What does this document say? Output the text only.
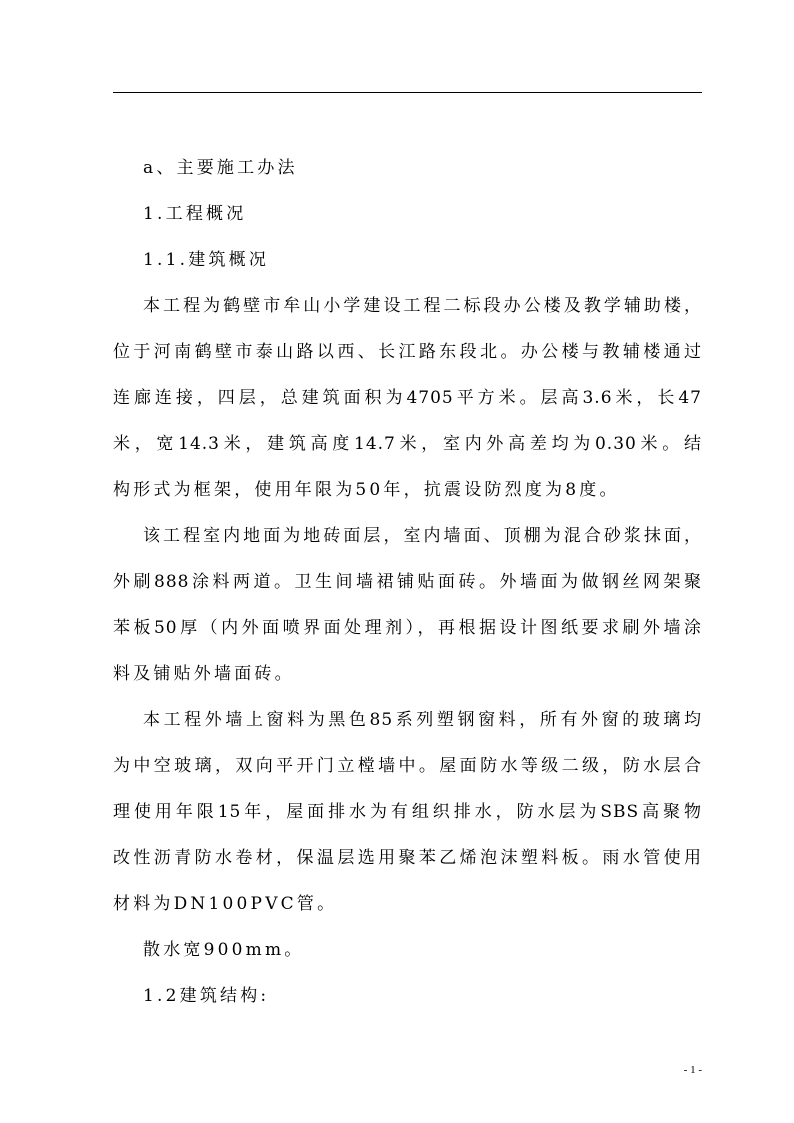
a、主要施工办法
1.工程概况
1.1.建筑概况
本工程为鹤壁市牟山小学建设工程二标段办公楼及教学辅助楼，
位于河南鹤壁市泰山路以西、长江路东段北。办公楼与教辅楼通过
连廊连接，四层，总建筑面积为4705平方米。层高3.6米，长47
米，宽14.3米，建筑高度14.7米，室内外高差均为0.30米。结
构形式为框架，使用年限为50年，抗震设防烈度为8度。
该工程室内地面为地砖面层，室内墙面、顶棚为混合砂浆抹面，
外刷888涂料两道。卫生间墙裙铺贴面砖。外墙面为做钢丝网架聚
苯板50厚（内外面喷界面处理剂），再根据设计图纸要求刷外墙涂
料及铺贴外墙面砖。
本工程外墙上窗料为黑色85系列塑钢窗料，所有外窗的玻璃均
为中空玻璃，双向平开门立樘墙中。屋面防水等级二级，防水层合
理使用年限15年，屋面排水为有组织排水，防水层为SBS高聚物
改性沥青防水卷材，保温层选用聚苯乙烯泡沫塑料板。雨水管使用
材料为DN100PVC管。
散水宽900mm。
1.2建筑结构:
- 1 -
